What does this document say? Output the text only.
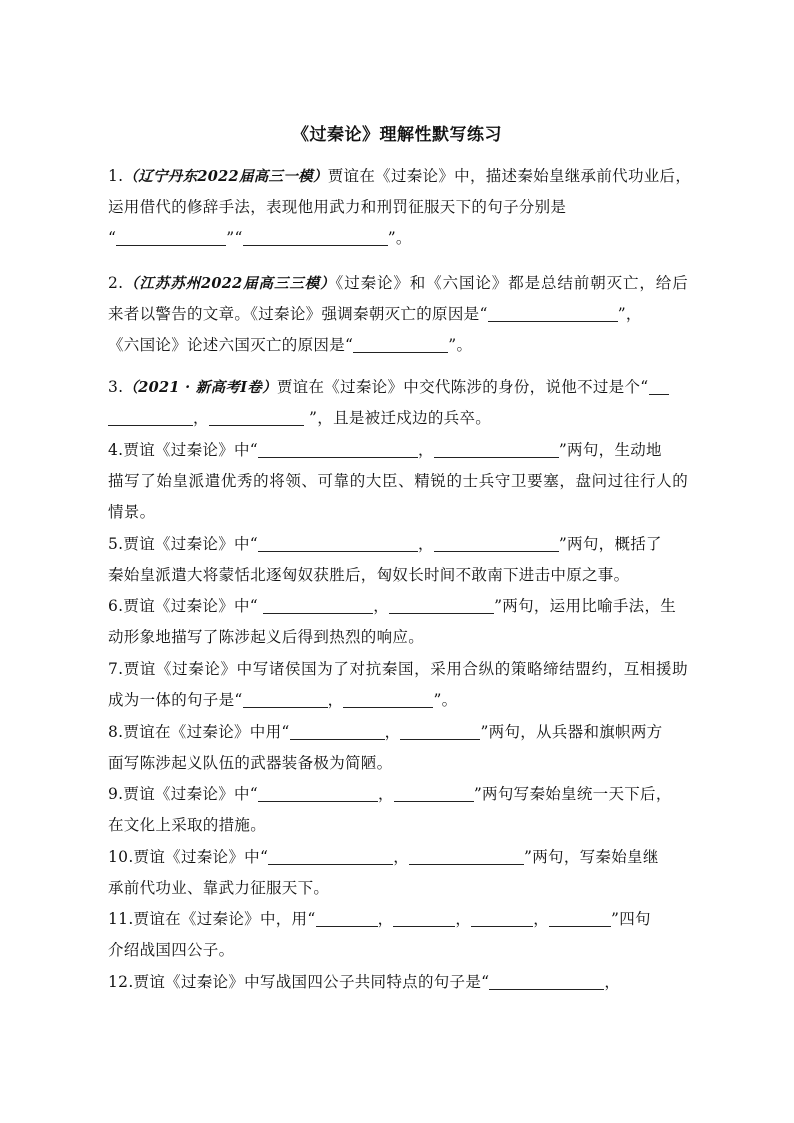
《过秦论》理解性默写练习
1.（辽宁丹东2022届高三一模）贾谊在《过秦论》中，描述秦始皇继承前代功业后，
运用借代的修辞手法，表现他用武力和刑罚征服天下的句子分别是
“	”“	”。
2.（江苏苏州2022届高三三模）《过秦论》和《六国论》都是总结前朝灭亡，给后
来者以警告的文章。《过秦论》强调秦朝灭亡的原因是“	”，
《六国论》论述六国灭亡的原因是“	”。
3.（2021 · 新高考Ⅰ卷）贾谊在《过秦论》中交代陈涉的身份，说他不过是个“
，	”，且是被迁戍边的兵卒。
4.贾谊《过秦论》中“	，	”两句，生动地
描写了始皇派遣优秀的将领、可靠的大臣、精锐的士兵守卫要塞，盘问过往行人的
情景。
5.贾谊《过秦论》中“	，	”两句，概括了
秦始皇派遣大将蒙恬北逐匈奴获胜后，匈奴长时间不敢南下进击中原之事。
6.贾谊《过秦论》中“	，	”两句，运用比喻手法，生
动形象地描写了陈涉起义后得到热烈的响应。
7.贾谊《过秦论》中写诸侯国为了对抗秦国，采用合纵的策略缔结盟约，互相援助
成为一体的句子是“	，	”。
8.贾谊在《过秦论》中用“	，	”两句，从兵器和旗帜两方
面写陈涉起义队伍的武器装备极为简陋。
9.贾谊《过秦论》中“	，	”两句写秦始皇统一天下后，
在文化上采取的措施。
10.贾谊《过秦论》中“	，	”两句，写秦始皇继
承前代功业、靠武力征服天下。
11.贾谊在《过秦论》中，用“	，	，	，	”四句
介绍战国四公子。
12.贾谊《过秦论》中写战国四公子共同特点的句子是“	，
